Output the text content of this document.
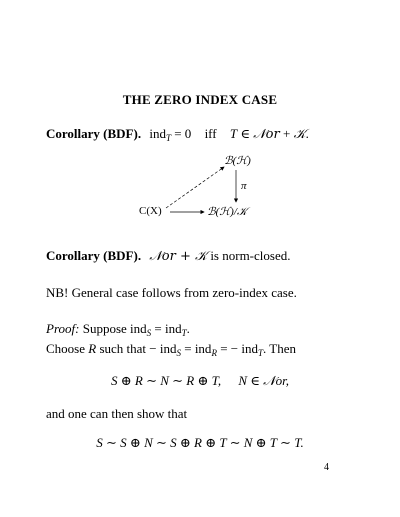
THE ZERO INDEX CASE
Corollary (BDF). ind$_T$ = 0 iff T ∈ 𝒩or + 𝒦.
ℬ(ℋ)
π
C(X)	ℬ(ℋ)/𝒦
Corollary (BDF). 𝒩or + 𝒦 is norm-closed.
NB! General case follows from zero-index case.
Proof: Suppose ind$_S$ = ind$_T$.
Choose R such that − ind$_S$ = ind$_R$ = − ind$_T$. Then
S ⊕ R ∼ N ∼ R ⊕ T, N ∈ 𝒩or,
and one can then show that
S ∼ S ⊕ N ∼ S ⊕ R ⊕ T ∼ N ⊕ T ∼ T.
4
